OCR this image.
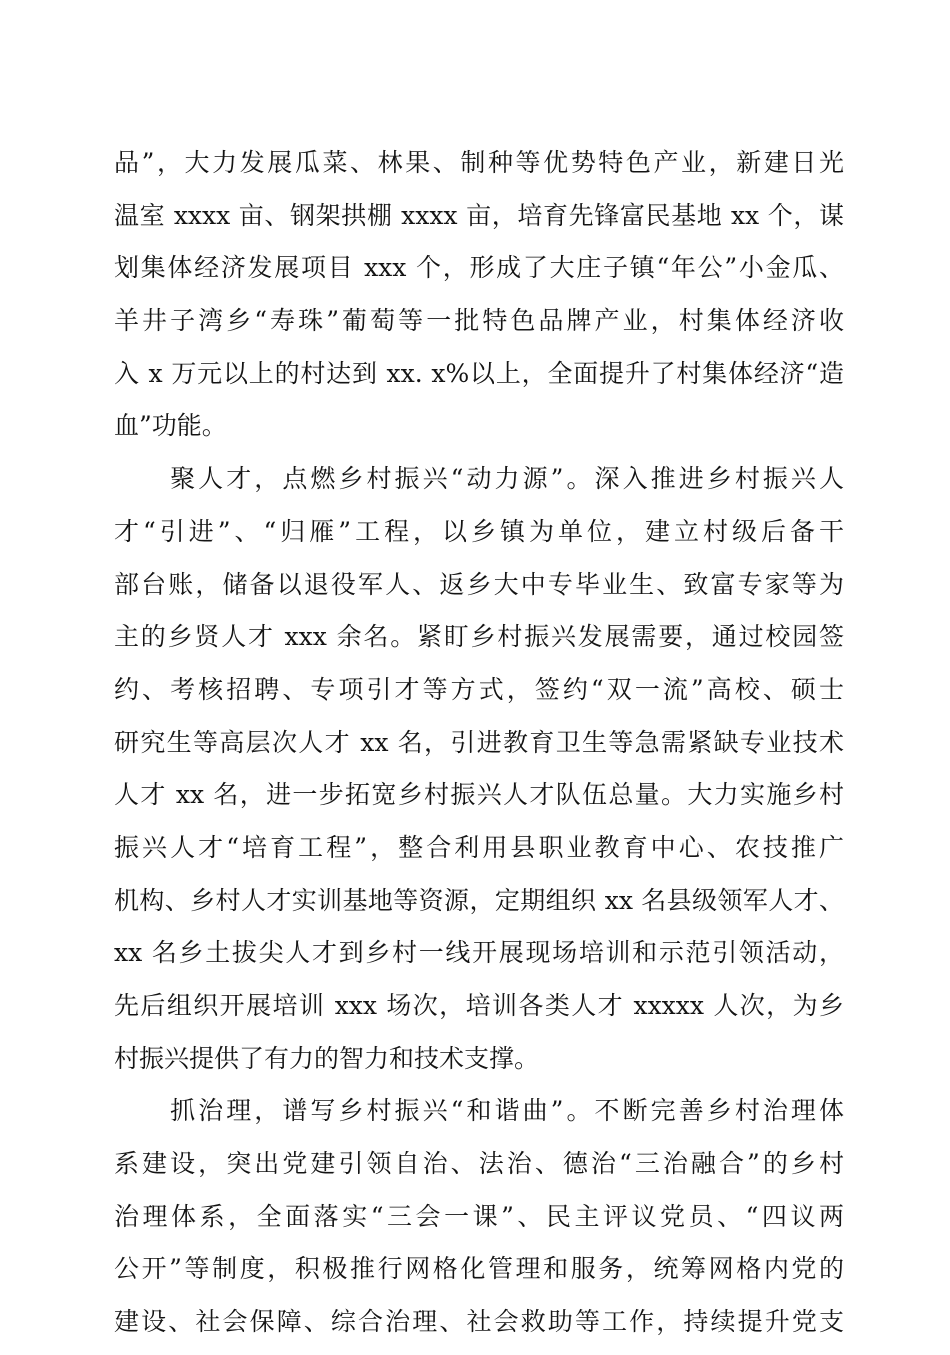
品”，大力发展瓜菜、林果、制种等优势特色产业，新建日光
温室 xxxx 亩、钢架拱棚 xxxx 亩，培育先锋富民基地 xx 个，谋
划集体经济发展项目 xxx 个，形成了大庄子镇“年公”小金瓜、
羊井子湾乡“寿珠”葡萄等一批特色品牌产业，村集体经济收
入 x 万元以上的村达到 xx. x%以上，全面提升了村集体经济“造
血”功能。
　　聚人才，点燃乡村振兴“动力源”。深入推进乡村振兴人
才“引进”、“归雁”工程，以乡镇为单位，建立村级后备干
部台账，储备以退役军人、返乡大中专毕业生、致富专家等为
主的乡贤人才 xxx 余名。紧盯乡村振兴发展需要，通过校园签
约、考核招聘、专项引才等方式，签约“双一流”高校、硕士
研究生等高层次人才 xx 名，引进教育卫生等急需紧缺专业技术
人才 xx 名，进一步拓宽乡村振兴人才队伍总量。大力实施乡村
振兴人才“培育工程”，整合利用县职业教育中心、农技推广
机构、乡村人才实训基地等资源，定期组织 xx 名县级领军人才、
xx 名乡土拔尖人才到乡村一线开展现场培训和示范引领活动，
先后组织开展培训 xxx 场次，培训各类人才 xxxxx 人次，为乡
村振兴提供了有力的智力和技术支撑。
　　抓治理，谱写乡村振兴“和谐曲”。不断完善乡村治理体
系建设，突出党建引领自治、法治、德治“三治融合”的乡村
治理体系，全面落实“三会一课”、民主评议党员、“四议两
公开”等制度，积极推行网格化管理和服务，统筹网格内党的
建设、社会保障、综合治理、社会救助等工作，持续提升党支
